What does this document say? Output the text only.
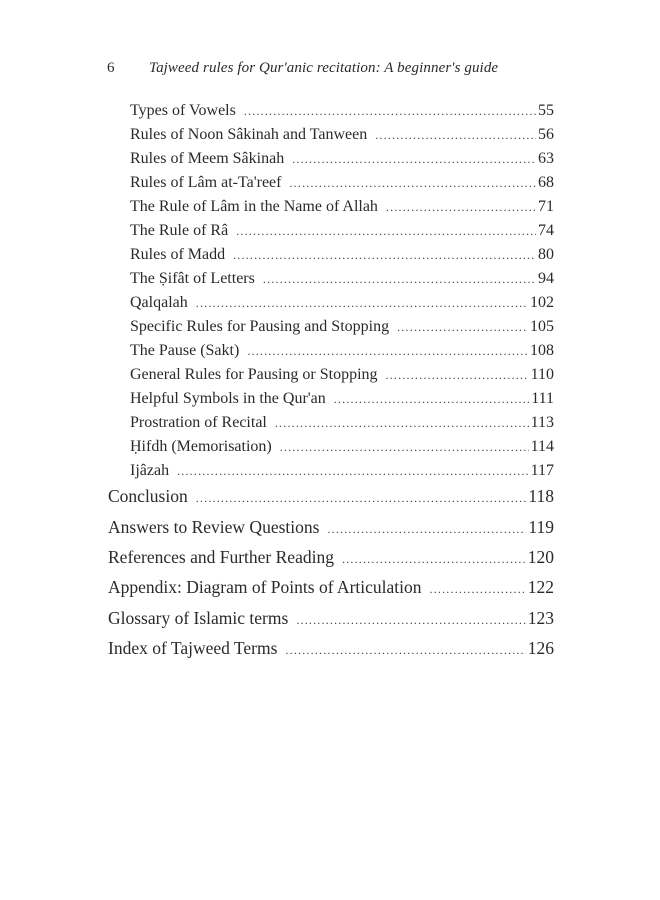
6 Tajweed rules for Qur'anic recitation: A beginner's guide
Types of Vowels .....	55
Rules of Noon Sâkinah and Tanween .....	56
Rules of Meem Sâkinah .....	63
Rules of Lâm at-Ta'reef .....	68
The Rule of Lâm in the Name of Allah .....	71
The Rule of Râ .....	74
Rules of Madd .....	80
The Ṣifât of Letters .....	94
Qalqalah .....	102
Specific Rules for Pausing and Stopping .....	105
The Pause (Sakt) .....	108
General Rules for Pausing or Stopping .....	110
Helpful Symbols in the Qur'an .....	111
Prostration of Recital .....	113
Ḥifdh (Memorisation) .....	114
Ijâzah .....	117
Conclusion .....	118
Answers to Review Questions .....	119
References and Further Reading .....	120
Appendix: Diagram of Points of Articulation .....	122
Glossary of Islamic terms .....	123
Index of Tajweed Terms .....	126
